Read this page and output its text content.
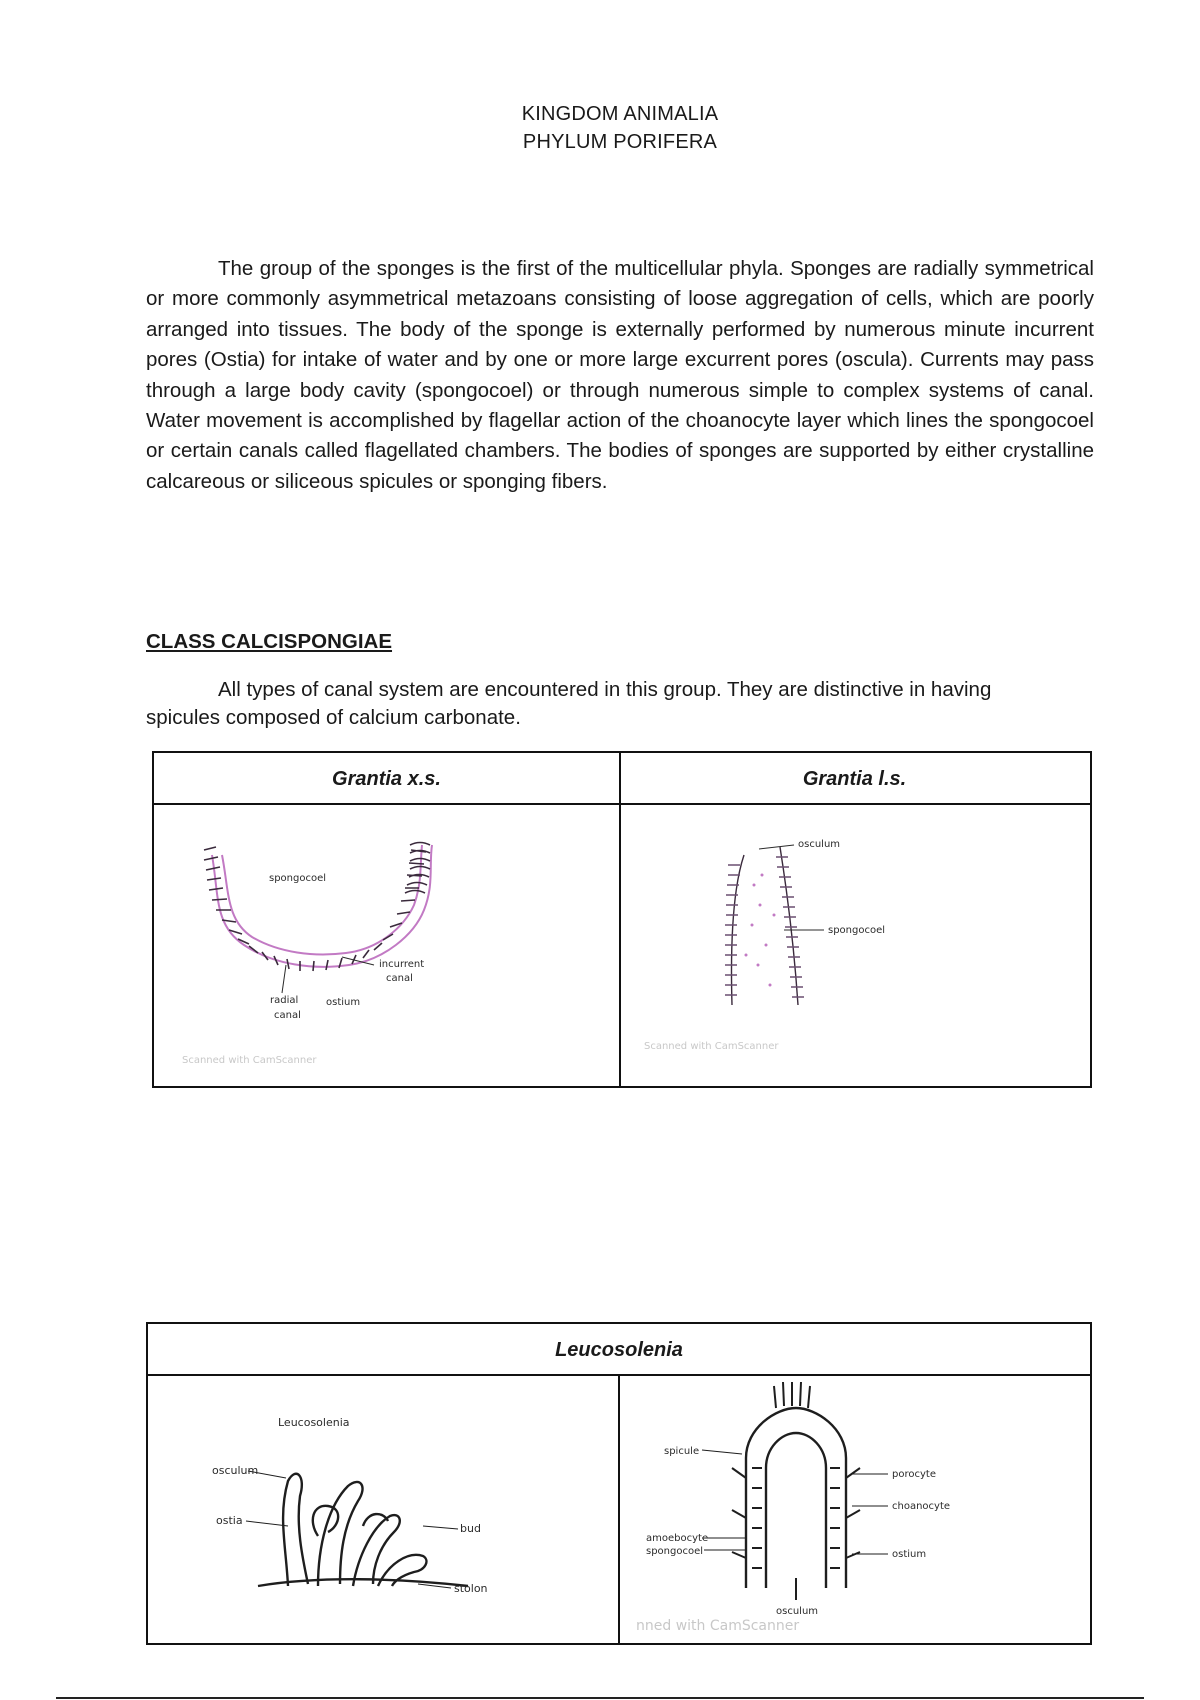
KINGDOM ANIMALIA
PHYLUM PORIFERA

The group of the sponges is the first of the multicellular phyla. Sponges are radially symmetrical or more commonly asymmetrical metazoans consisting of loose aggregation of cells, which are poorly arranged into tissues. The body of the sponge is externally performed by numerous minute incurrent pores (Ostia) for intake of water and by one or more large excurrent pores (oscula). Currents may pass through a large body cavity (spongocoel) or through numerous simple to complex systems of canal. Water movement is accomplished by flagellar action of the choanocyte layer which lines the spongocoel or certain canals called flagellated chambers. The bodies of sponges are supported by either crystalline calcareous or siliceous spicules or sponging fibers.

CLASS CALCISPONGIAE

All types of canal system are encountered in this group. They are distinctive in having spicules composed of calcium carbonate.

Grantia x.s.	Grantia l.s.
spongocoel
incurrent
canal
radial
canal
ostium
Scanned with CamScanner
osculum
spongocoel
Scanned with CamScanner
Leucosolenia
Leucosolenia
osculum
ostia
bud
stolon
spicule
porocyte
choanocyte
amoebocyte
spongocoel	ostium
osculum
nned with CamScanner
